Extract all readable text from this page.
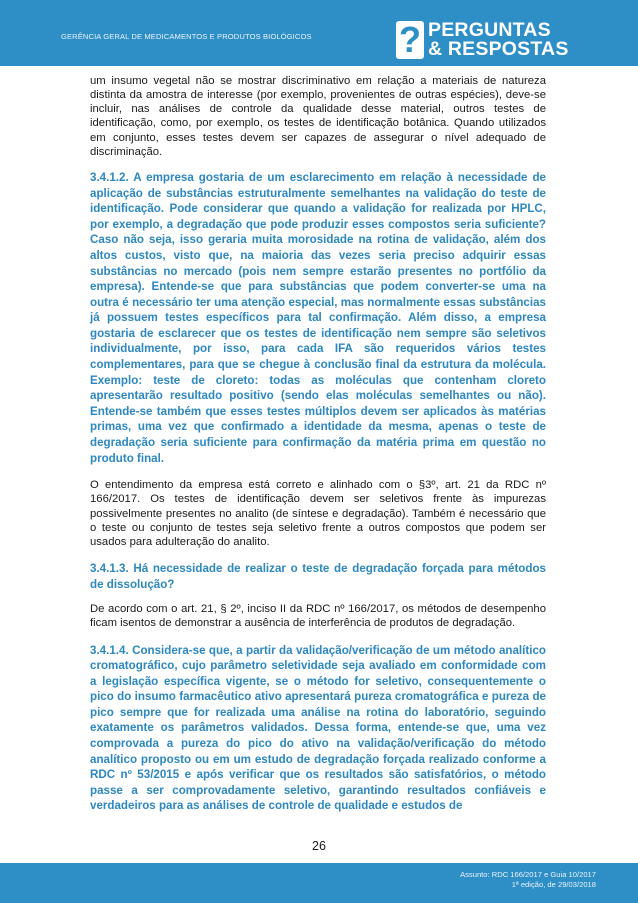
GERÊNCIA GERAL DE MEDICAMENTOS E PRODUTOS BIOLÓGICOS ? PERGUNTAS
& RESPOSTAS

um insumo vegetal não se mostrar discriminativo em relação a materiais de natureza distinta da amostra de interesse (por exemplo, provenientes de outras espécies), deve-se incluir, nas análises de controle da qualidade desse material, outros testes de identificação, como, por exemplo, os testes de identificação botânica. Quando utilizados em conjunto, esses testes devem ser capazes de assegurar o nível adequado de discriminação.

3.4.1.2. A empresa gostaria de um esclarecimento em relação à necessidade de aplicação de substâncias estruturalmente semelhantes na validação do teste de identificação. Pode considerar que quando a validação for realizada por HPLC, por exemplo, a degradação que pode produzir esses compostos seria suficiente? Caso não seja, isso geraria muita morosidade na rotina de validação, além dos altos custos, visto que, na maioria das vezes seria preciso adquirir essas substâncias no mercado (pois nem sempre estarão presentes no portfólio da empresa). Entende-se que para substâncias que podem converter-se uma na outra é necessário ter uma atenção especial, mas normalmente essas substâncias já possuem testes específicos para tal confirmação. Além disso, a empresa gostaria de esclarecer que os testes de identificação nem sempre são seletivos individualmente, por isso, para cada IFA são requeridos vários testes complementares, para que se chegue à conclusão final da estrutura da molécula. Exemplo: teste de cloreto: todas as moléculas que contenham cloreto apresentarão resultado positivo (sendo elas moléculas semelhantes ou não). Entende-se também que esses testes múltiplos devem ser aplicados às matérias primas, uma vez que confirmado a identidade da mesma, apenas o teste de degradação seria suficiente para confirmação da matéria prima em questão no produto final.

O entendimento da empresa está correto e alinhado com o §3º, art. 21 da RDC nº 166/2017. Os testes de identificação devem ser seletivos frente às impurezas possivelmente presentes no analito (de síntese e degradação). Também é necessário que o teste ou conjunto de testes seja seletivo frente a outros compostos que podem ser usados para adulteração do analito.

3.4.1.3. Há necessidade de realizar o teste de degradação forçada para métodos de dissolução?

De acordo com o art. 21, § 2º, inciso II da RDC nº 166/2017, os métodos de desempenho ficam isentos de demonstrar a ausência de interferência de produtos de degradação.

3.4.1.4. Considera-se que, a partir da validação/verificação de um método analítico cromatográfico, cujo parâmetro seletividade seja avaliado em conformidade com a legislação específica vigente, se o método for seletivo, consequentemente o pico do insumo farmacêutico ativo apresentará pureza cromatográfica e pureza de pico sempre que for realizada uma análise na rotina do laboratório, seguindo exatamente os parâmetros validados. Dessa forma, entende-se que, uma vez comprovada a pureza do pico do ativo na validação/verificação do método analítico proposto ou em um estudo de degradação forçada realizado conforme a RDC nº 53/2015 e após verificar que os resultados são satisfatórios, o método passe a ser comprovadamente seletivo, garantindo resultados confiáveis e verdadeiros para as análises de controle de qualidade e estudos de

26
Assunto: RDC 166/2017 e Guia 10/2017
1ª edição, de 29/03/2018
